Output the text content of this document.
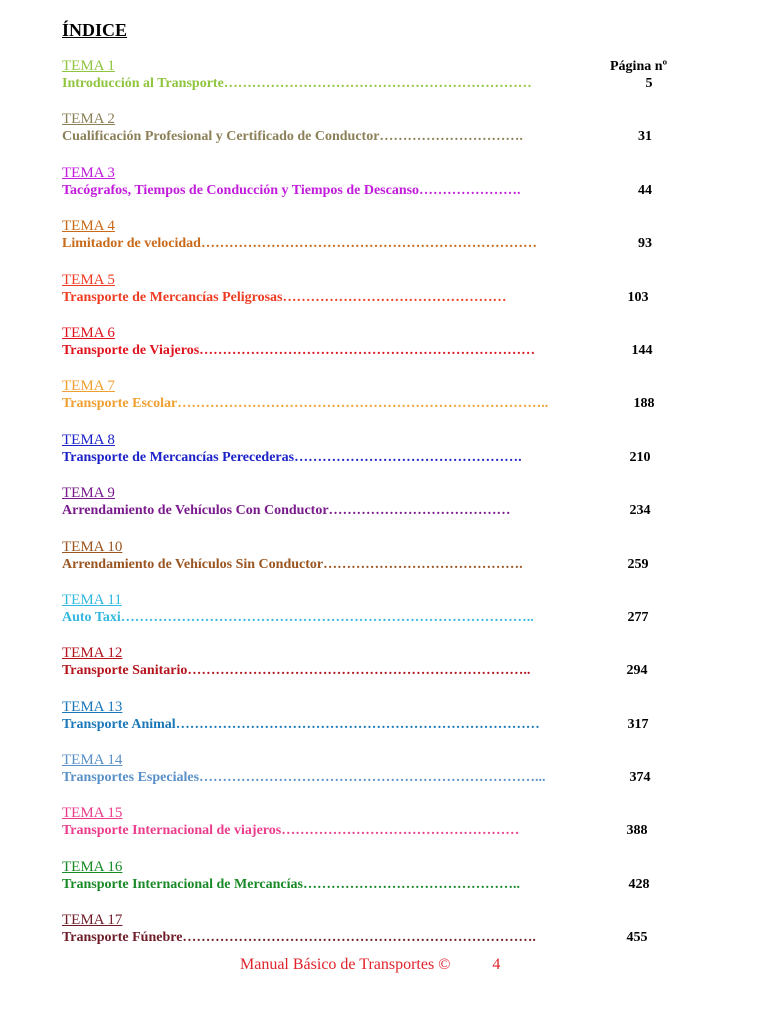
ÍNDICE
Página nº
TEMA 1
Introducción al Transporte…………………………………………………………	5
TEMA 2
Cualificación Profesional y Certificado de Conductor………………………….	31
TEMA 3
Tacógrafos, Tiempos de Conducción y Tiempos de Descanso………………….	44
TEMA 4
Limitador de velocidad………………………………………………………………	93
TEMA 5
Transporte de Mercancías Peligrosas…………………………………………	103
TEMA 6
Transporte de Viajeros………………………………………………………………	144
TEMA 7
Transporte Escolar……………………………………………………………………..	188
TEMA 8
Transporte de Mercancías Perecederas………………………………………….	210
TEMA 9
Arrendamiento de Vehículos Con Conductor…………………………………	234
TEMA 10
Arrendamiento de Vehículos Sin Conductor…………………………………….	259
TEMA 11
Auto Taxi……………………………………………………………………………..	277
TEMA 12
Transporte Sanitario………………………………………………………………..	294
TEMA 13
Transporte Animal……………………………………………………………………	317
TEMA 14
Transportes Especiales………………………………………………………………...	374
TEMA 15
Transporte Internacional de viajeros……………………………………………	388
TEMA 16
Transporte Internacional de Mercancías………………………………………..	428
TEMA 17
Transporte Fúnebre………………………………………………………………….	455
Manual Básico de Transportes ©	4
